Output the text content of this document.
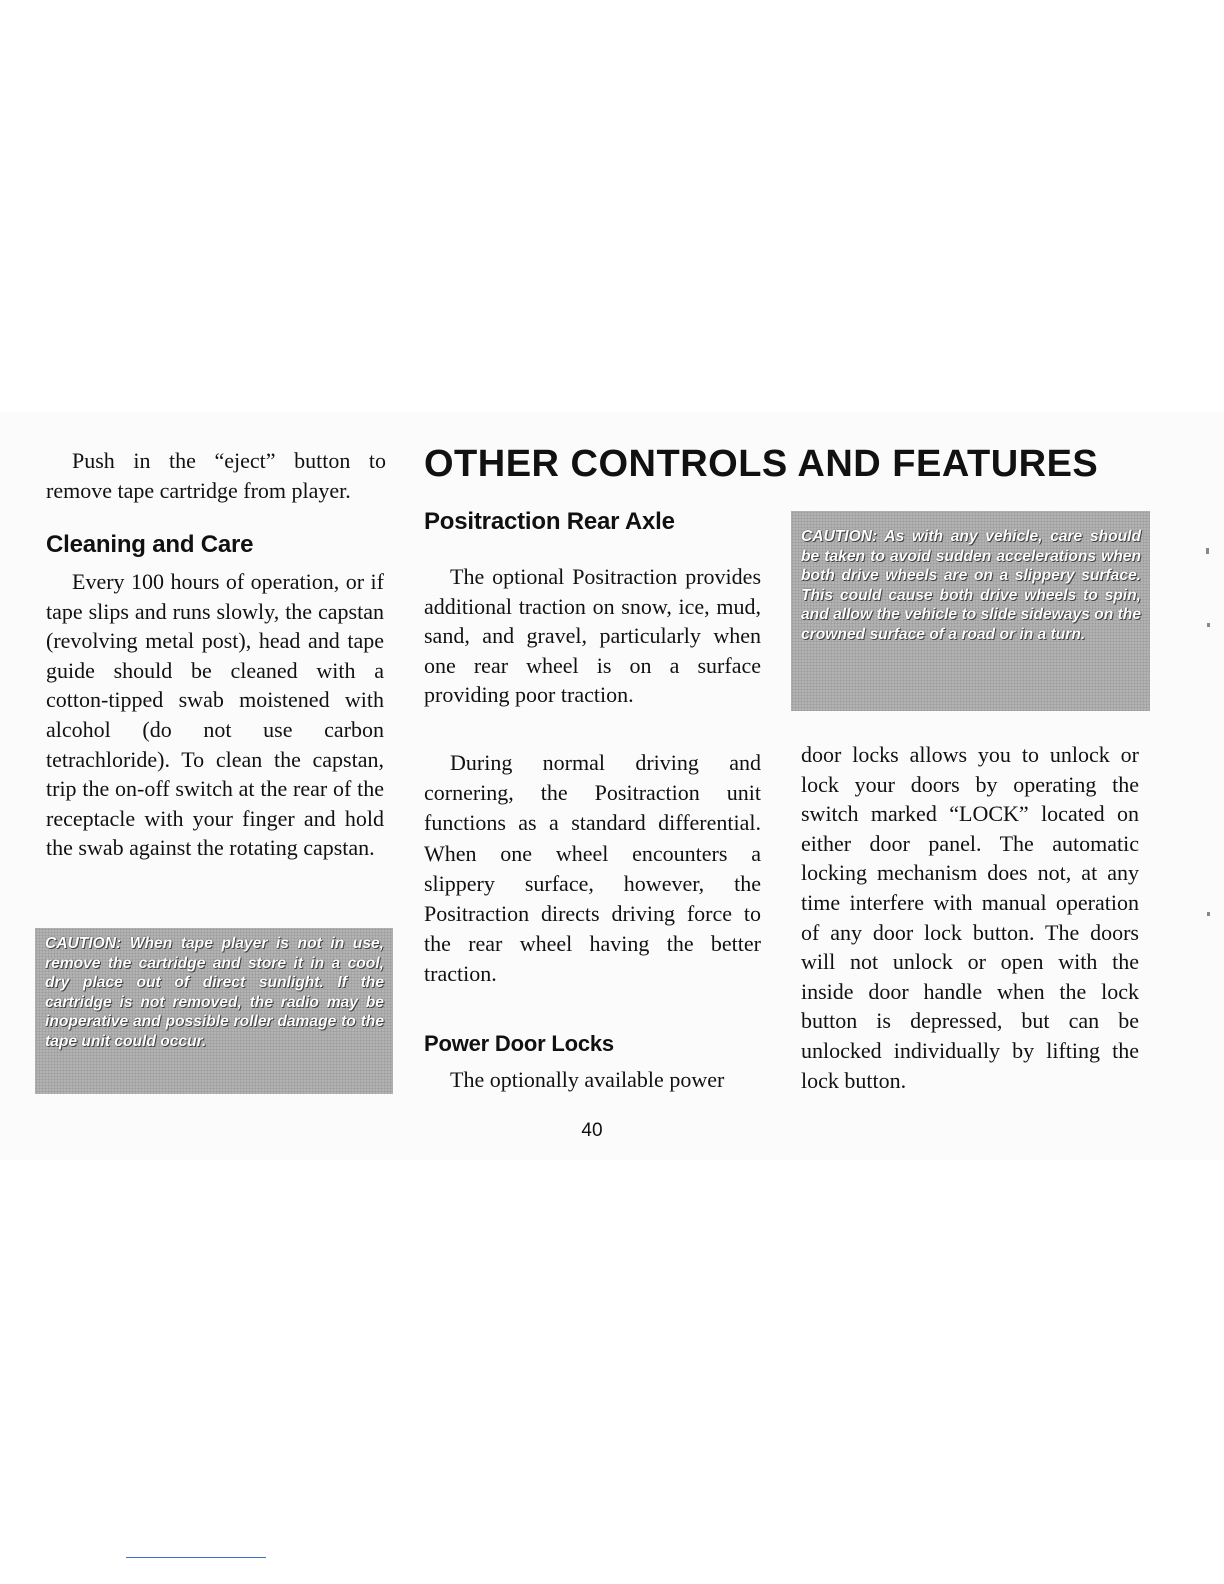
Push in the “eject” button to remove tape cartridge from player.

Cleaning and Care

Every 100 hours of operation, or if tape slips and runs slowly, the capstan (revolving metal post), head and tape guide should be cleaned with a cotton-tipped swab moistened with alcohol (do not use carbon tetrachloride). To clean the capstan, trip the on-off switch at the rear of the receptacle with your finger and hold the swab against the rotating capstan.

CAUTION: When tape player is not in use, remove the cartridge and store it in a cool, dry place out of direct sunlight. If the cartridge is not removed, the radio may be inoperative and possible roller damage to the tape unit could occur.
OTHER CONTROLS AND FEATURES
Positraction Rear Axle

The optional Positraction provides additional traction on snow, ice, mud, sand, and gravel, particularly when one rear wheel is on a surface providing poor traction.

During normal driving and cornering, the Positraction unit functions as a standard differential. When one wheel encounters a slippery surface, however, the Positraction directs driving force to the rear wheel having the better traction.

Power Door Locks

The optionally available power

CAUTION: As with any vehicle, care should be taken to avoid sudden accelerations when both drive wheels are on a slippery surface. This could cause both drive wheels to spin, and allow the vehicle to slide sideways on the crowned surface of a road or in a turn.

door locks allows you to unlock or lock your doors by operating the switch marked “LOCK” located on either door panel. The automatic locking mechanism does not, at any time interfere with manual operation of any door lock button. The doors will not unlock or open with the inside door handle when the lock button is depressed, but can be unlocked individually by lifting the lock button.

40
